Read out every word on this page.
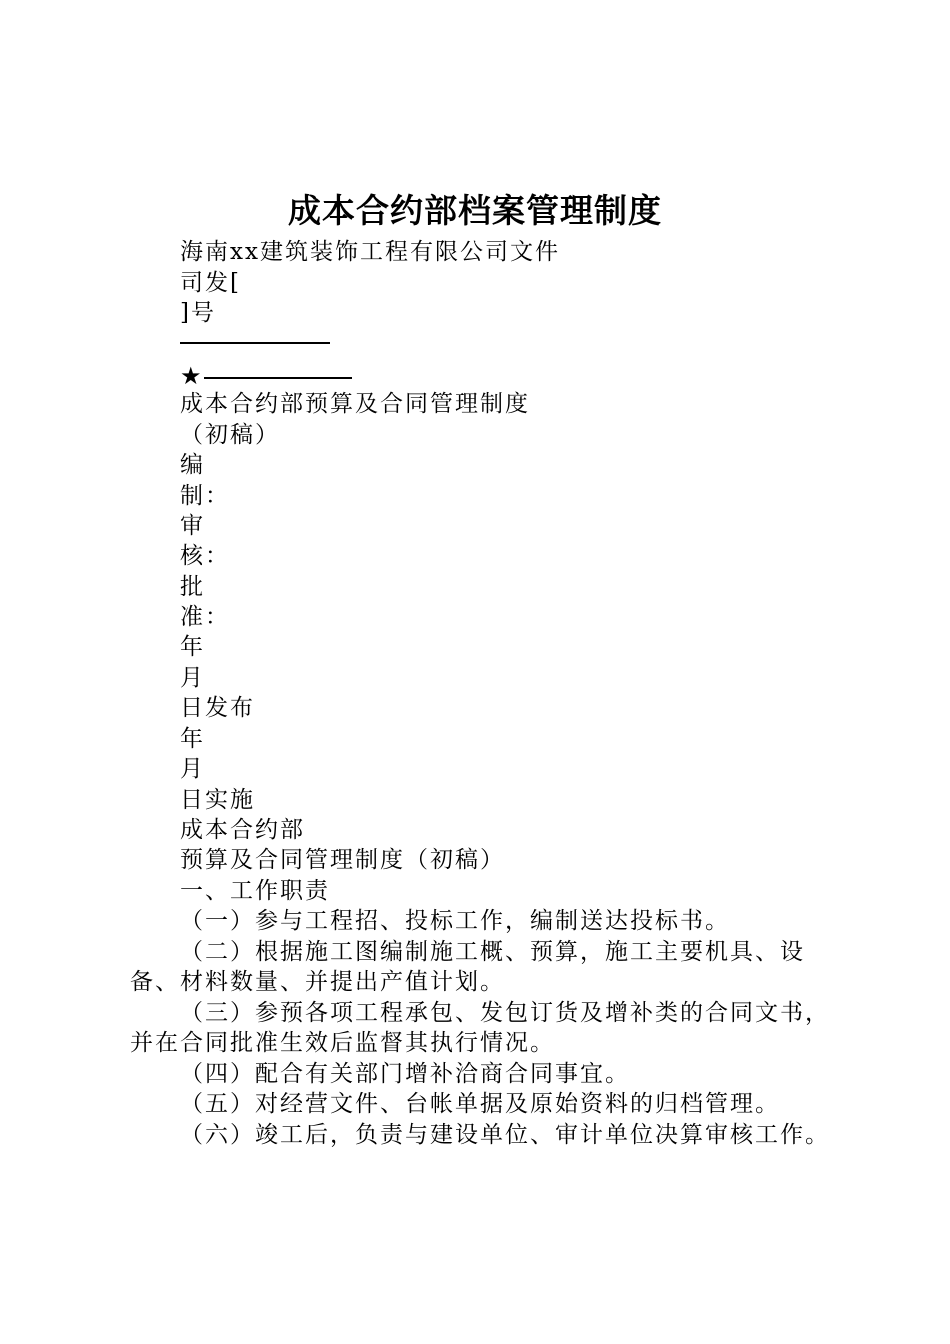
成本合约部档案管理制度

海南xx建筑装饰工程有限公司文件

司发[

]号

★

成本合约部预算及合同管理制度

（初稿）

编

制：

审

核：

批

准：

年

月

日发布

年

月

日实施

成本合约部

预算及合同管理制度（初稿）

一、工作职责

（一）参与工程招、投标工作，编制送达投标书。

（二）根据施工图编制施工概、预算，施工主要机具、设备、材料数量、并提出产值计划。

（三）参预各项工程承包、发包订货及增补类的合同文书，并在合同批准生效后监督其执行情况。

（四）配合有关部门增补洽商合同事宜。

（五）对经营文件、台帐单据及原始资料的归档管理。

（六）竣工后，负责与建设单位、审计单位决算审核工作。
